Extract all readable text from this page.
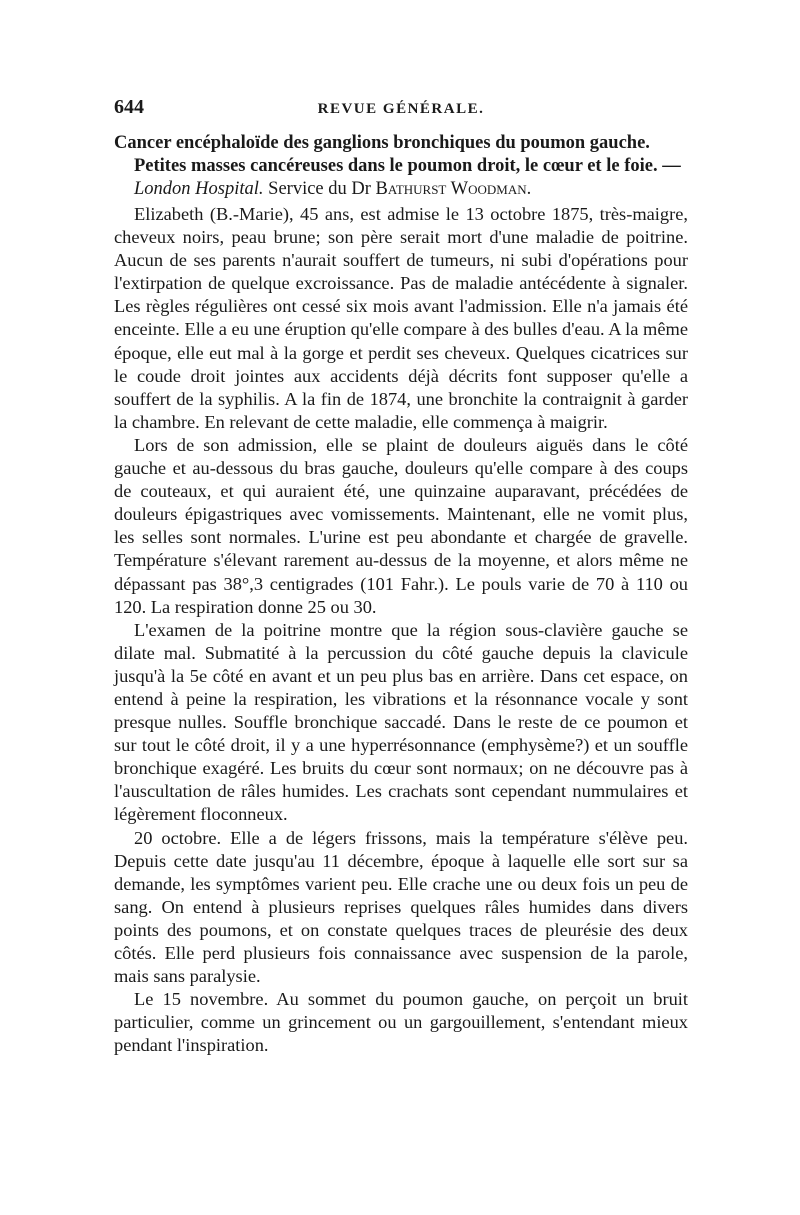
644	REVUE GÉNÉRALE.
Cancer encéphaloïde des ganglions bronchiques du poumon gauche.
Petites masses cancéreuses dans le poumon droit, le cœur et le foie. — London Hospital. Service du Dr Bathurst Woodman.

Elizabeth (B.-Marie), 45 ans, est admise le 13 octobre 1875, très-maigre, cheveux noirs, peau brune; son père serait mort d'une maladie de poitrine. Aucun de ses parents n'aurait souffert de tumeurs, ni subi d'opérations pour l'extirpation de quelque excroissance. Pas de maladie antécédente à signaler. Les règles régulières ont cessé six mois avant l'admission. Elle n'a jamais été enceinte. Elle a eu une éruption qu'elle compare à des bulles d'eau. A la même époque, elle eut mal à la gorge et perdit ses cheveux. Quelques cicatrices sur le coude droit jointes aux accidents déjà décrits font supposer qu'elle a souffert de la syphilis. A la fin de 1874, une bronchite la contraignit à garder la chambre. En relevant de cette maladie, elle commença à maigrir.

Lors de son admission, elle se plaint de douleurs aiguës dans le côté gauche et au-dessous du bras gauche, douleurs qu'elle compare à des coups de couteaux, et qui auraient été, une quinzaine auparavant, précédées de douleurs épigastriques avec vomissements. Maintenant, elle ne vomit plus, les selles sont normales. L'urine est peu abondante et chargée de gravelle. Température s'élevant rarement au-dessus de la moyenne, et alors même ne dépassant pas 38°,3 centigrades (101 Fahr.). Le pouls varie de 70 à 110 ou 120. La respiration donne 25 ou 30.

L'examen de la poitrine montre que la région sous-clavière gauche se dilate mal. Submatité à la percussion du côté gauche depuis la clavicule jusqu'à la 5e côté en avant et un peu plus bas en arrière. Dans cet espace, on entend à peine la respiration, les vibrations et la résonnance vocale y sont presque nulles. Souffle bronchique saccadé. Dans le reste de ce poumon et sur tout le côté droit, il y a une hyperrésonnance (emphysème?) et un souffle bronchique exagéré. Les bruits du cœur sont normaux; on ne découvre pas à l'auscultation de râles humides. Les crachats sont cependant nummulaires et légèrement floconneux.

20 octobre. Elle a de légers frissons, mais la température s'élève peu. Depuis cette date jusqu'au 11 décembre, époque à laquelle elle sort sur sa demande, les symptômes varient peu. Elle crache une ou deux fois un peu de sang. On entend à plusieurs reprises quelques râles humides dans divers points des poumons, et on constate quelques traces de pleurésie des deux côtés. Elle perd plusieurs fois connaissance avec suspension de la parole, mais sans paralysie.

Le 15 novembre. Au sommet du poumon gauche, on perçoit un bruit particulier, comme un grincement ou un gargouillement, s'entendant mieux pendant l'inspiration.
